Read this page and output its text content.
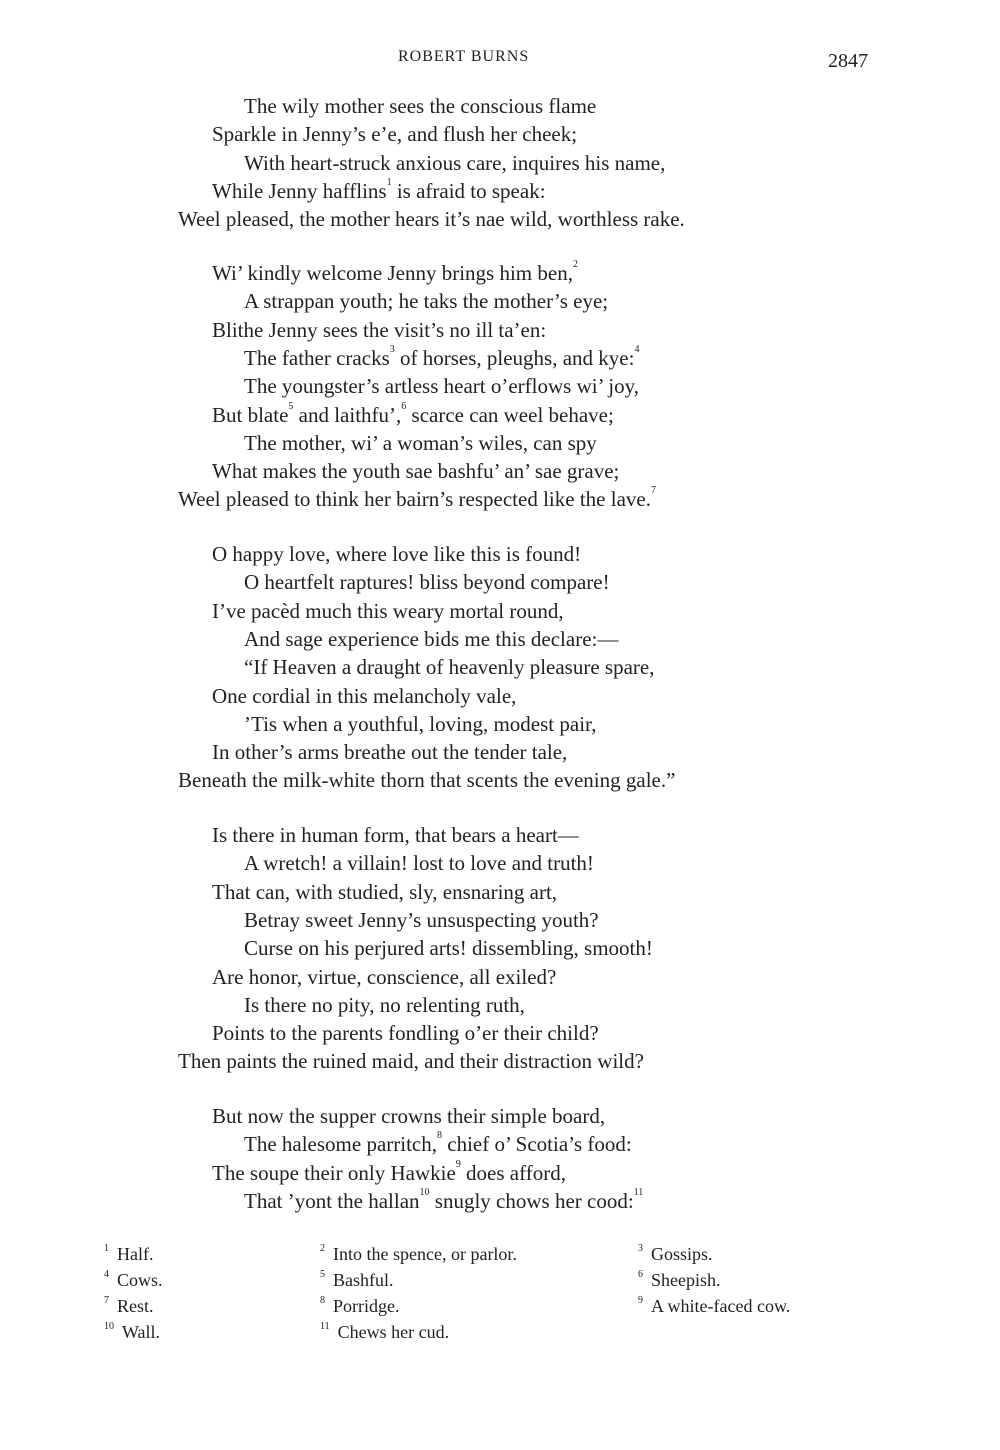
ROBERT BURNS	2847
The wily mother sees the conscious flame
Sparkle in Jenny’s e’e, and flush her cheek;
With heart-struck anxious care, inquires his name,
While Jenny hafflins$^1$ is afraid to speak:
Weel pleased, the mother hears it’s nae wild, worthless rake.
Wi’ kindly welcome Jenny brings him ben,$^2$
A strappan youth; he taks the mother’s eye;
Blithe Jenny sees the visit’s no ill ta’en:
The father cracks$^3$ of horses, pleughs, and kye:$^4$
The youngster’s artless heart o’erflows wi’ joy,
But blate$^5$ and laithfu’,$^6$ scarce can weel behave;
The mother, wi’ a woman’s wiles, can spy
What makes the youth sae bashfu’ an’ sae grave;
Weel pleased to think her bairn’s respected like the lave.$^7$
O happy love, where love like this is found!
O heartfelt raptures! bliss beyond compare!
I’ve pacèd much this weary mortal round,
And sage experience bids me this declare:—
“If Heaven a draught of heavenly pleasure spare,
One cordial in this melancholy vale,
’Tis when a youthful, loving, modest pair,
In other’s arms breathe out the tender tale,
Beneath the milk-white thorn that scents the evening gale.”
Is there in human form, that bears a heart—
A wretch! a villain! lost to love and truth!
That can, with studied, sly, ensnaring art,
Betray sweet Jenny’s unsuspecting youth?
Curse on his perjured arts! dissembling, smooth!
Are honor, virtue, conscience, all exiled?
Is there no pity, no relenting ruth,
Points to the parents fondling o’er their child?
Then paints the ruined maid, and their distraction wild?
But now the supper crowns their simple board,
The halesome parritch,$^8$ chief o’ Scotia’s food:
The soupe their only Hawkie$^9$ does afford,
That ’yont the hallan$^{10}$ snugly chows her cood:$^{11}$
$^1$ Half.	$^2$ Into the spence, or parlor.	$^3$ Gossips.
$^4$ Cows.	$^5$ Bashful.	$^6$ Sheepish.
$^7$ Rest.	$^8$ Porridge.	$^9$ A white-faced cow.
$^{10}$ Wall.	$^{11}$ Chews her cud.
